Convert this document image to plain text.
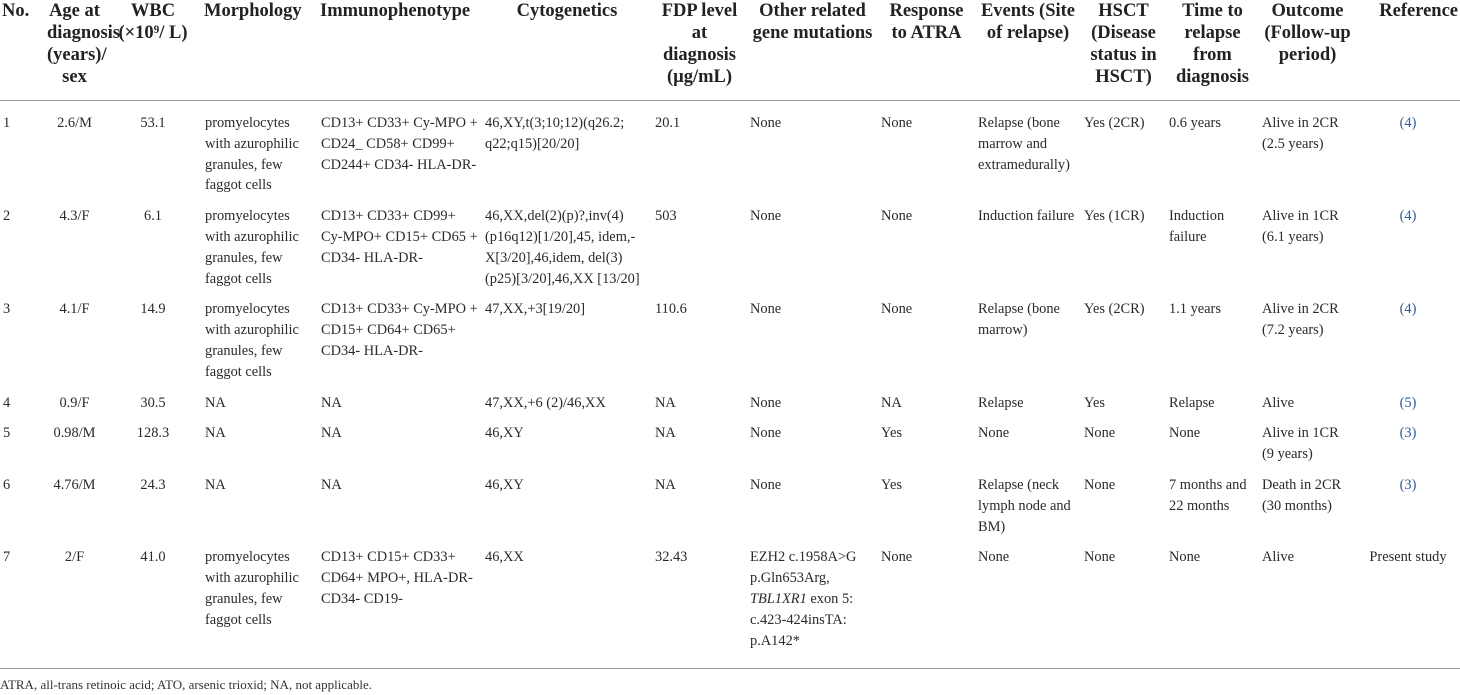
No.	Age at diagnosis (years)/ sex	WBC (×10⁹/ L)	Morphology	Immunophenotype	Cytogenetics	FDP level at diagnosis (µg/mL)	Other related gene mutations	Response to ATRA	Events (Site of relapse)	HSCT (Disease status in HSCT)	Time to relapse from diagnosis	Outcome (Follow-up period)	Reference
1	2.6/M	53.1	promyelocytes with azurophilic granules, few faggot cells	CD13+ CD33+ Cy-MPO + CD24_ CD58+ CD99+ CD244+ CD34- HLA-DR-	46,XY,t(3;10;12)(q26.2; q22;q15)[20/20]	20.1	None	None	Relapse (bone marrow and extramedurally)	Yes (2CR)	0.6 years	Alive in 2CR (2.5 years)	(4)
2	4.3/F	6.1	promyelocytes with azurophilic granules, few faggot cells	CD13+ CD33+ CD99+ Cy-MPO+ CD15+ CD65 + CD34- HLA-DR-	46,XX,del(2)(p)?,inv(4) (p16q12)[1/20],45, idem,-X[3/20],46,idem, del(3)(p25)[3/20],46,XX [13/20]	503	None	None	Induction failure	Yes (1CR)	Induction failure	Alive in 1CR (6.1 years)	(4)
3	4.1/F	14.9	promyelocytes with azurophilic granules, few faggot cells	CD13+ CD33+ Cy-MPO + CD15+ CD64+ CD65+ CD34- HLA-DR-	47,XX,+3[19/20]	110.6	None	None	Relapse (bone marrow)	Yes (2CR)	1.1 years	Alive in 2CR (7.2 years)	(4)
4	0.9/F	30.5	NA	NA	47,XX,+6 (2)/46,XX	NA	None	NA	Relapse	Yes	Relapse	Alive	(5)
5	0.98/M	128.3	NA	NA	46,XY	NA	None	Yes	None	None	None	Alive in 1CR (9 years)	(3)
6	4.76/M	24.3	NA	NA	46,XY	NA	None	Yes	Relapse (neck lymph node and BM)	None	7 months and 22 months	Death in 2CR (30 months)	(3)
7	2/F	41.0	promyelocytes with azurophilic granules, few faggot cells	CD13+ CD15+ CD33+ CD64+ MPO+, HLA-DR- CD34- CD19-	46,XX	32.43	EZH2 c.1958A>G p.Gln653Arg, TBL1XR1 exon 5: c.423-424insTA: p.A142*	None	None	None	None	Alive	Present study
ATRA, all-trans retinoic acid; ATO, arsenic trioxid; NA, not applicable.
